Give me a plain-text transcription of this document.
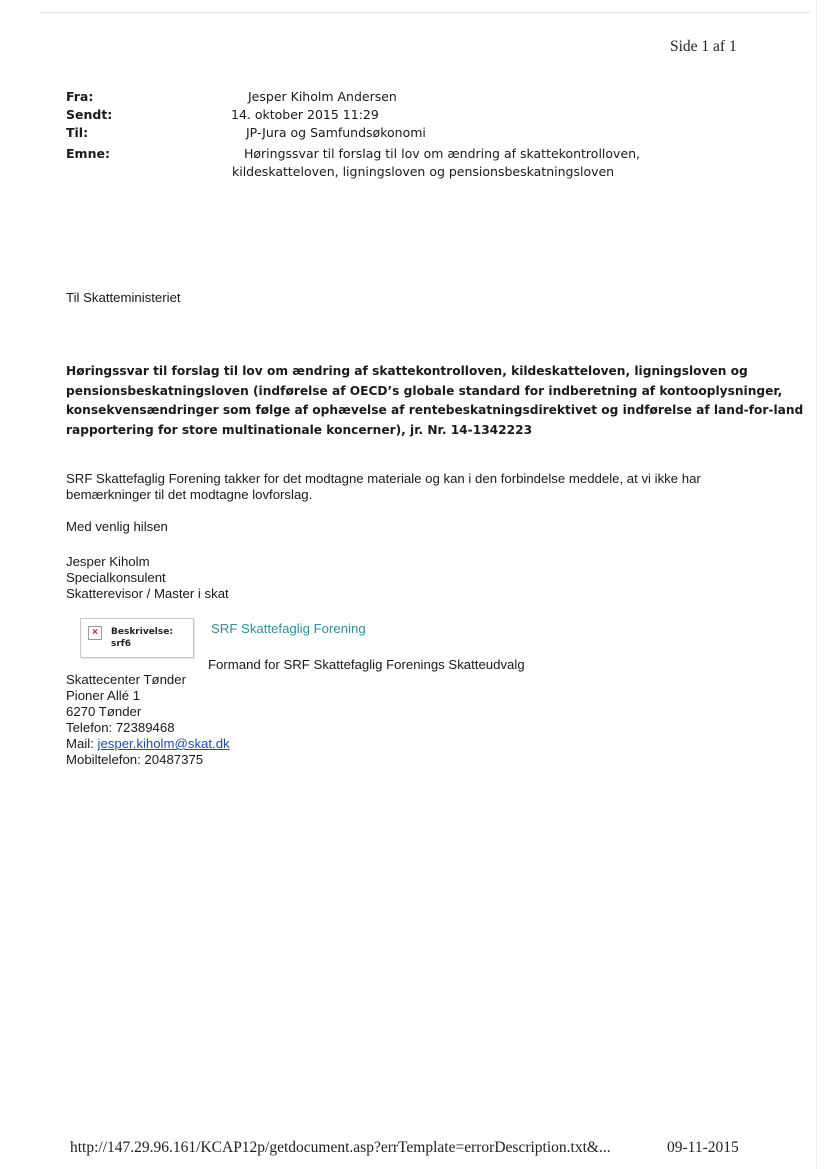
Side 1 af 1
Fra:	Jesper Kiholm Andersen
Sendt:	14. oktober 2015 11:29
Til:	JP-Jura og Samfundsøkonomi
Emne:	Høringssvar til forslag til lov om ændring af skattekontrolloven,
kildeskatteloven, ligningsloven og pensionsbeskatningsloven
Til Skatteministeriet
Høringssvar til forslag til lov om ændring af skattekontrolloven, kildeskatteloven, ligningsloven og
pensionsbeskatningsloven (indførelse af OECD’s globale standard for indberetning af kontooplysninger,
konsekvensændringer som følge af ophævelse af rentebeskatningsdirektivet og indførelse af land-for-land
rapportering for store multinationale koncerner), jr. Nr. 14-1342223
SRF Skattefaglig Forening takker for det modtagne materiale og kan i den forbindelse meddele, at vi ikke har
bemærkninger til det modtagne lovforslag.
Med venlig hilsen
Jesper Kiholm
Specialkonsulent
Skatterevisor / Master i skat
×	Beskrivelse:
srf6
SRF Skattefaglig Forening
Formand for SRF Skattefaglig Forenings Skatteudvalg
Skattecenter Tønder
Pioner Allé 1
6270 Tønder
Telefon: 72389468
Mail: jesper.kiholm@skat.dk
Mobiltelefon: 20487375
http://147.29.96.161/KCAP12p/getdocument.asp?errTemplate=errorDescription.txt&...	09-11-2015
